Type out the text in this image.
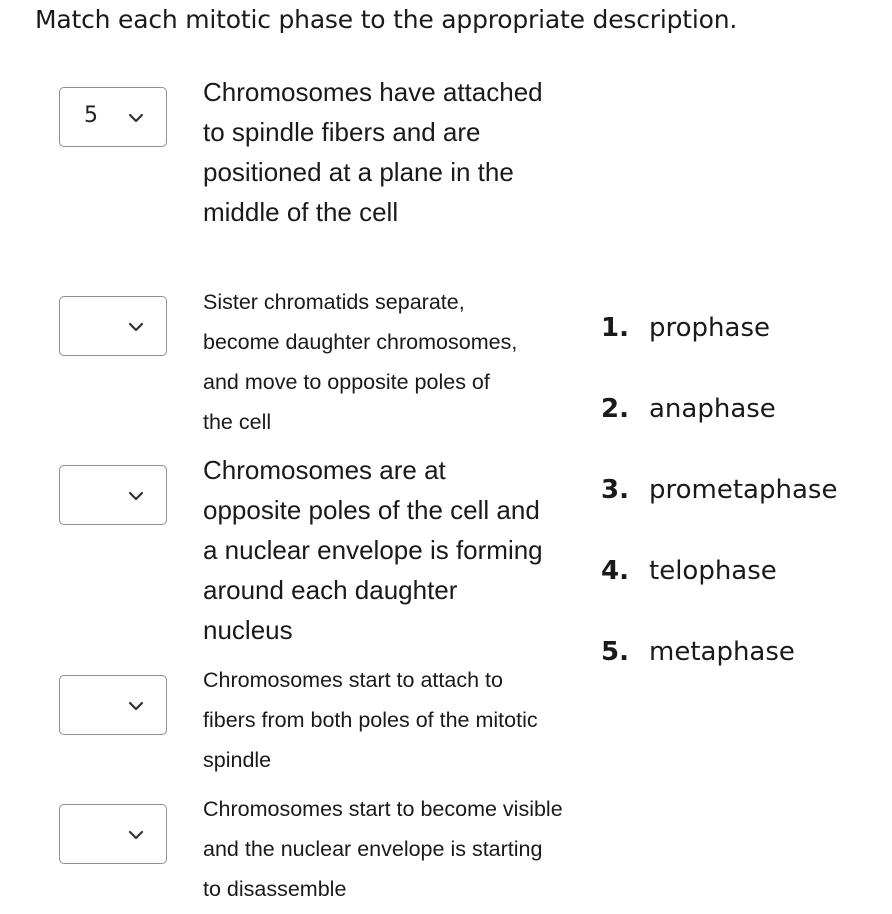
Match each mitotic phase to the appropriate description.
5
Chromosomes have attached to spindle fibers and are positioned at a plane in the middle of the cell
Sister chromatids separate, become daughter chromosomes, and move to opposite poles of the cell
Chromosomes are at opposite poles of the cell and a nuclear envelope is forming around each daughter nucleus
Chromosomes start to attach to fibers from both poles of the mitotic spindle
Chromosomes start to become visible and the nuclear envelope is starting to disassemble
1. prophase
2. anaphase
3. prometaphase
4. telophase
5. metaphase
